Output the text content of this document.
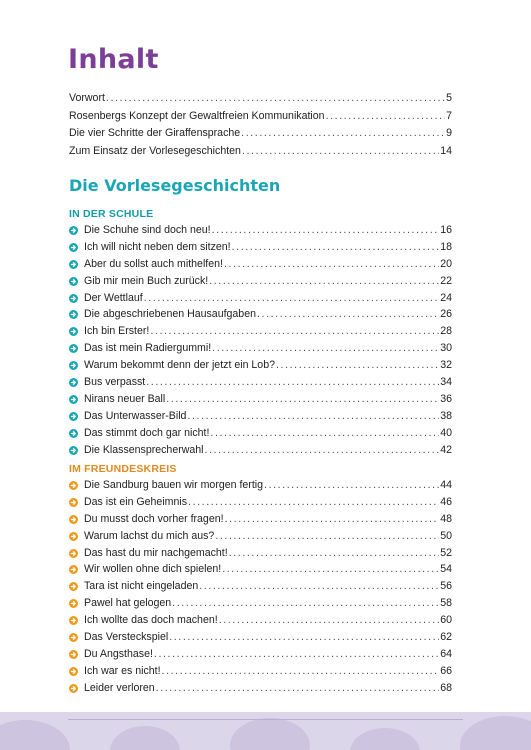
Inhalt
Vorwort .....	5
Rosenbergs Konzept der Gewaltfreien Kommunikation .....	7
Die vier Schritte der Giraffensprache .....	9
Zum Einsatz der Vorlesegeschichten .....	14
Die Vorlesegeschichten
IN DER SCHULE
Die Schuhe sind doch neu! .....	16
Ich will nicht neben dem sitzen! .....	18
Aber du sollst auch mithelfen! .....	20
Gib mir mein Buch zurück! .....	22
Der Wettlauf .....	24
Die abgeschriebenen Hausaufgaben .....	26
Ich bin Erster! .....	28
Das ist mein Radiergummi! .....	30
Warum bekommt denn der jetzt ein Lob? .....	32
Bus verpasst .....	34
Nirans neuer Ball .....	36
Das Unterwasser-Bild .....	38
Das stimmt doch gar nicht! .....	40
Die Klassensprecherwahl .....	42
IM FREUNDESKREIS
Die Sandburg bauen wir morgen fertig .....	44
Das ist ein Geheimnis .....	46
Du musst doch vorher fragen! .....	48
Warum lachst du mich aus? .....	50
Das hast du mir nachgemacht! .....	52
Wir wollen ohne dich spielen! .....	54
Tara ist nicht eingeladen .....	56
Pawel hat gelogen .....	58
Ich wollte das doch machen! .....	60
Das Versteckspiel .....	62
Du Angsthase! .....	64
Ich war es nicht! .....	66
Leider verloren .....	68
